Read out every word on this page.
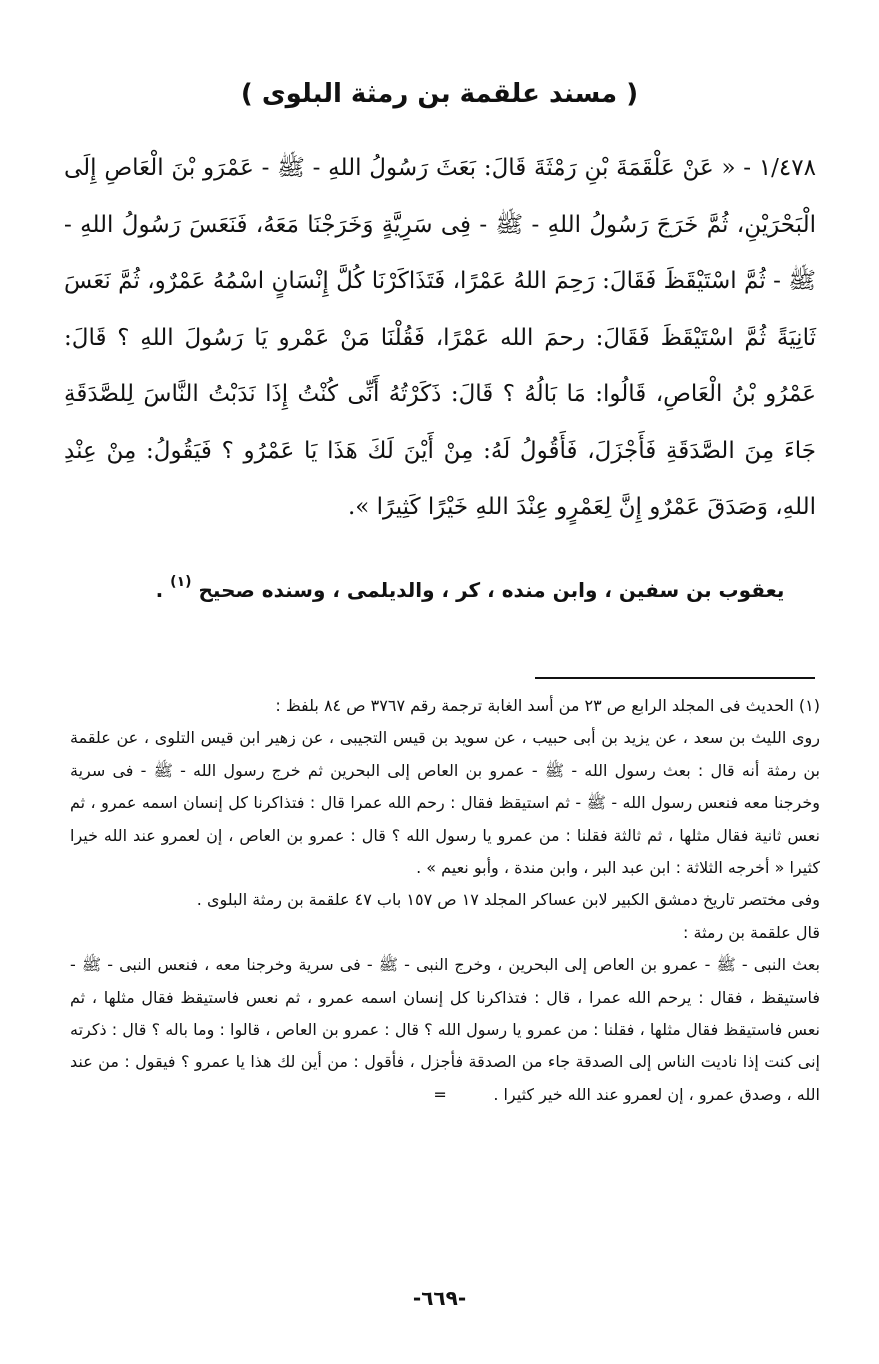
( مسند علقمة بن رمثة البلوى )

١/٤٧٨ - « عَنْ عَلْقَمَةَ بْنِ رَمْثَةَ قَالَ: بَعَثَ رَسُولُ اللهِ - ﷺ - عَمْرَو بْنَ الْعَاصِ إِلَى الْبَحْرَيْنِ، ثُمَّ خَرَجَ رَسُولُ اللهِ - ﷺ - فِى سَرِيَّةٍ وَخَرَجْنَا مَعَهُ، فَنَعَسَ رَسُولُ اللهِ - ﷺ - ثُمَّ اسْتَيْقَظَ فَقَالَ: رَحِمَ اللهُ عَمْرًا، فَتَذَاكَرْنَا كُلَّ إِنْسَانٍ اسْمُهُ عَمْرٌو، ثُمَّ نَعَسَ ثَانِيَةً ثُمَّ اسْتَيْقَظَ فَقَالَ: رحمَ الله عَمْرًا، فَقُلْنَا مَنْ عَمْرو يَا رَسُولَ اللهِ ؟ قَالَ: عَمْرُو بْنُ الْعَاصِ، قَالُوا: مَا بَالُهُ ؟ قَالَ: ذَكَرْتُهُ أَنِّى كُنْتُ إِذَا نَدَبْتُ النَّاسَ لِلصَّدَقَةِ جَاءَ مِنَ الصَّدَقَةِ فَأَجْزَلَ، فَأَقُولُ لَهُ: مِنْ أَيْنَ لَكَ هَذَا يَا عَمْرُو ؟ فَيَقُولُ: مِنْ عِنْدِ اللهِ، وَصَدَقَ عَمْرٌو إِنَّ لِعَمْرٍو عِنْدَ اللهِ خَيْرًا كَثِيرًا ».

يعقوب بن سفين ، وابن منده ، كر ، والديلمى ، وسنده صحيح $^{(١)}$ .

(١) الحديث فى المجلد الرابع ص ٢٣ من أسد الغابة ترجمة رقم ٣٧٦٧ ص ٨٤ بلفظ :

روى الليث بن سعد ، عن يزيد بن أبى حبيب ، عن سويد بن قيس التجيبى ، عن زهير ابن قيس التلوى ، عن علقمة بن رمثة أنه قال : بعث رسول الله - ﷺ - عمرو بن العاص إلى البحرين ثم خرج رسول الله - ﷺ - فى سرية وخرجنا معه فنعس رسول الله - ﷺ - ثم استيقظ فقال : رحم الله عمرا قال : فتذاكرنا كل إنسان اسمه عمرو ، ثم نعس ثانية فقال مثلها ، ثم ثالثة فقلنا : من عمرو يا رسول الله ؟ قال : عمرو بن العاص ، إن لعمرو عند الله خيرا كثيرا « أخرجه الثلاثة : ابن عبد البر ، وابن مندة ، وأبو نعيم » .

وفى مختصر تاريخ دمشق الكبير لابن عساكر المجلد ١٧ ص ١٥٧ باب ٤٧ علقمة بن رمثة البلوى .

قال علقمة بن رمثة :

بعث النبى - ﷺ - عمرو بن العاص إلى البحرين ، وخرج النبى - ﷺ - فى سرية وخرجنا معه ، فنعس النبى - ﷺ - فاستيقظ ، فقال : يرحم الله عمرا ، قال : فتذاكرنا كل إنسان اسمه عمرو ، ثم نعس فاستيقظ فقال مثلها ، ثم نعس فاستيقظ فقال مثلها ، فقلنا : من عمرو يا رسول الله ؟ قال : عمرو بن العاص ، قالوا : وما باله ؟ قال : ذكرته إنى كنت إذا ناديت الناس إلى الصدقة جاء من الصدقة فأجزل ، فأقول : من أين لك هذا يا عمرو ؟ فيقول : من عند الله ، وصدق عمرو ، إن لعمرو عند الله خير كثيرا .=

-٦٦٩-
